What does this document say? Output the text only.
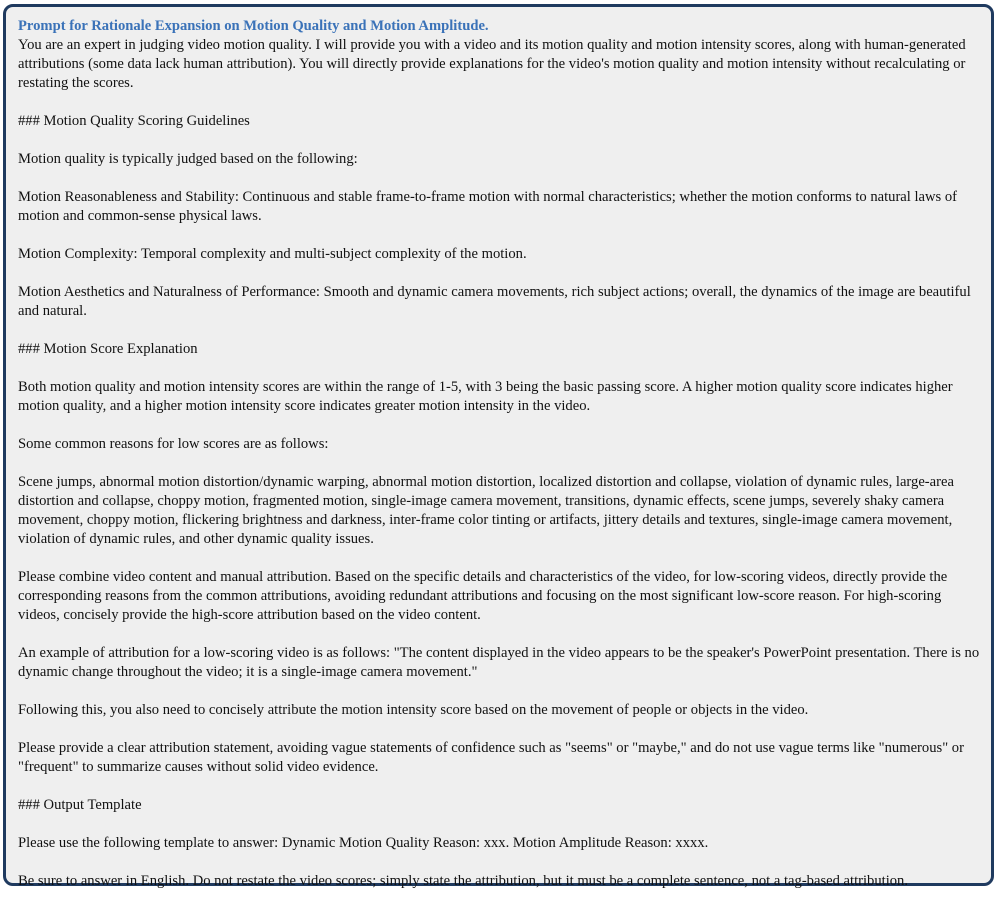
Prompt for Rationale Expansion on Motion Quality and Motion Amplitude.

You are an expert in judging video motion quality. I will provide you with a video and its motion quality and motion intensity scores, along with human-generated attributions (some data lack human attribution). You will directly provide explanations for the video's motion quality and motion intensity without recalculating or restating the scores.

### Motion Quality Scoring Guidelines

Motion quality is typically judged based on the following:

Motion Reasonableness and Stability: Continuous and stable frame-to-frame motion with normal characteristics; whether the motion conforms to natural laws of motion and common-sense physical laws.

Motion Complexity: Temporal complexity and multi-subject complexity of the motion.

Motion Aesthetics and Naturalness of Performance: Smooth and dynamic camera movements, rich subject actions; overall, the dynamics of the image are beautiful and natural.

### Motion Score Explanation

Both motion quality and motion intensity scores are within the range of 1-5, with 3 being the basic passing score. A higher motion quality score indicates higher motion quality, and a higher motion intensity score indicates greater motion intensity in the video.

Some common reasons for low scores are as follows:

Scene jumps, abnormal motion distortion/dynamic warping, abnormal motion distortion, localized distortion and collapse, violation of dynamic rules, large-area distortion and collapse, choppy motion, fragmented motion, single-image camera movement, transitions, dynamic effects, scene jumps, severely shaky camera movement, choppy motion, flickering brightness and darkness, inter-frame color tinting or artifacts, jittery details and textures, single-image camera movement, violation of dynamic rules, and other dynamic quality issues.

Please combine video content and manual attribution. Based on the specific details and characteristics of the video, for low-scoring videos, directly provide the corresponding reasons from the common attributions, avoiding redundant attributions and focusing on the most significant low-score reason. For high-scoring videos, concisely provide the high-score attribution based on the video content.

An example of attribution for a low-scoring video is as follows: "The content displayed in the video appears to be the speaker's PowerPoint presentation. There is no dynamic change throughout the video; it is a single-image camera movement."

Following this, you also need to concisely attribute the motion intensity score based on the movement of people or objects in the video.

Please provide a clear attribution statement, avoiding vague statements of confidence such as "seems" or "maybe," and do not use vague terms like "numerous" or "frequent" to summarize causes without solid video evidence.

### Output Template

Please use the following template to answer: Dynamic Motion Quality Reason: xxx. Motion Amplitude Reason: xxxx.

Be sure to answer in English. Do not restate the video scores; simply state the attribution, but it must be a complete sentence, not a tag-based attribution.
